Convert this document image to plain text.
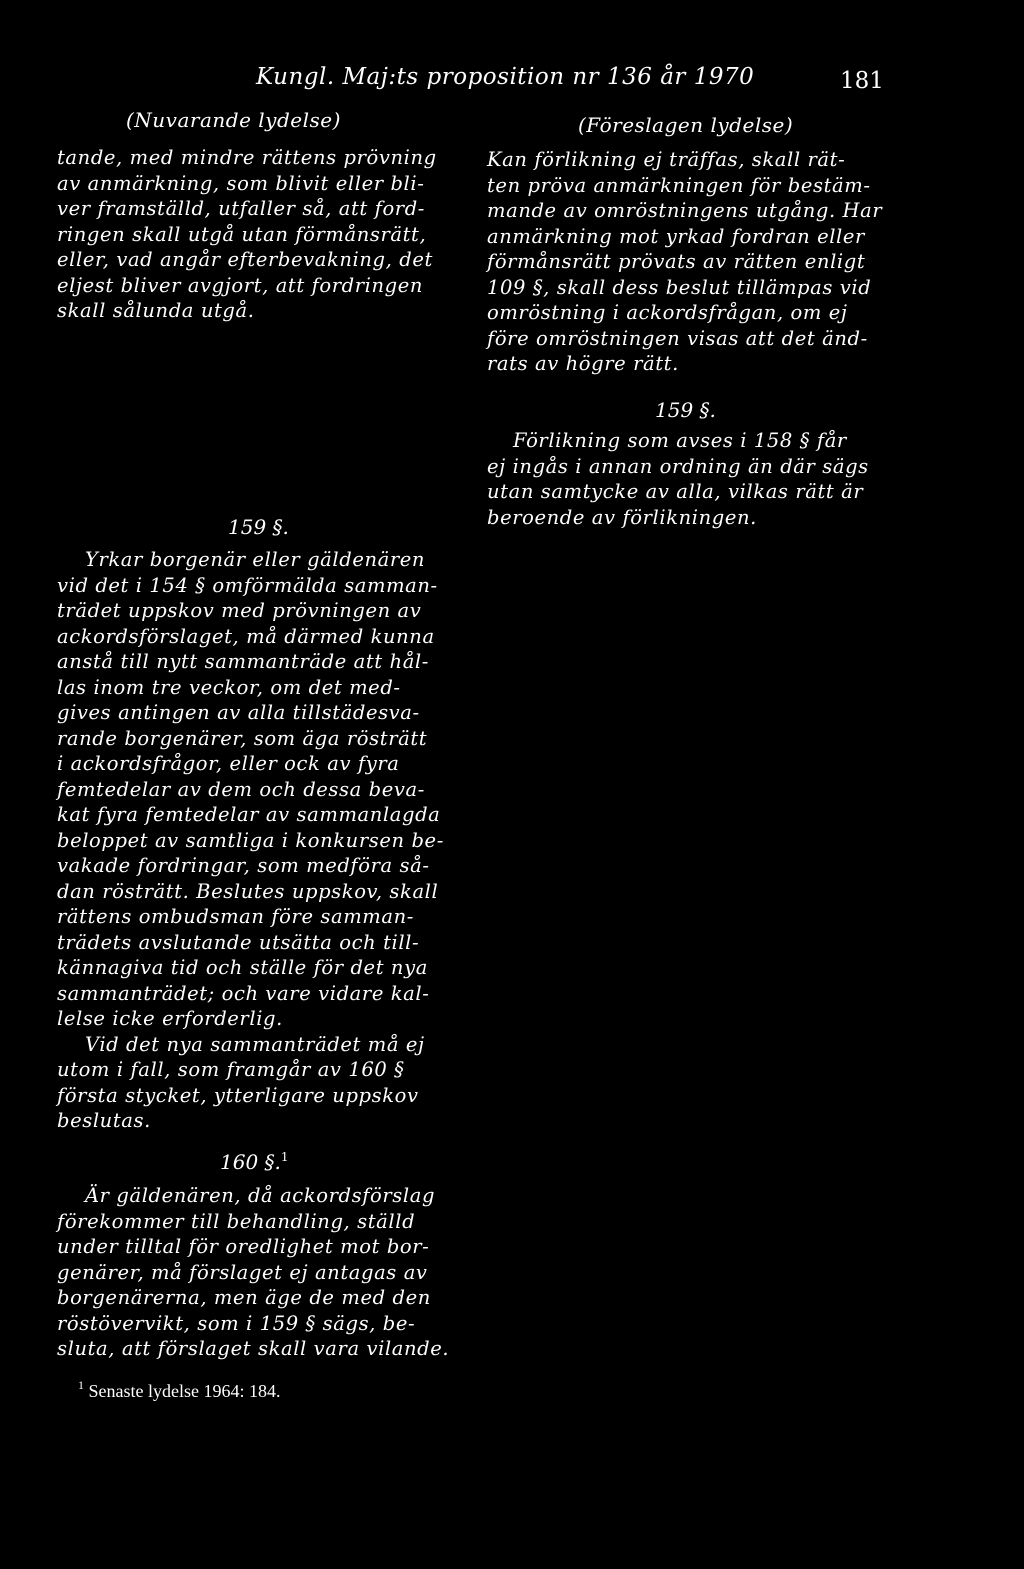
Kungl. Maj:ts proposition nr 136 år 1970	181
(Nuvarande lydelse)

tande, med mindre rättens prövning

av anmärkning, som blivit eller bli-

ver framställd, utfaller så, att ford-

ringen skall utgå utan förmånsrätt,

eller, vad angår efterbevakning, det

eljest bliver avgjort, att fordringen

skall sålunda utgå.

159 §.

Yrkar borgenär eller gäldenären

vid det i 154 § omförmälda samman-

trädet uppskov med prövningen av

ackordsförslaget, må därmed kunna

anstå till nytt sammanträde att hål-

las inom tre veckor, om det med-

gives antingen av alla tillstädesva-

rande borgenärer, som äga rösträtt

i ackordsfrågor, eller ock av fyra

femtedelar av dem och dessa beva-

kat fyra femtedelar av sammanlagda

beloppet av samtliga i konkursen be-

vakade fordringar, som medföra så-

dan rösträtt. Beslutes uppskov, skall

rättens ombudsman före samman-

trädets avslutande utsätta och till-

kännagiva tid och ställe för det nya

sammanträdet; och vare vidare kal-

lelse icke erforderlig.

Vid det nya sammanträdet må ej

utom i fall, som framgår av 160 §

första stycket, ytterligare uppskov

beslutas.

160 §.$^1$

Är gäldenären, då ackordsförslag

förekommer till behandling, ställd

under tilltal för oredlighet mot bor-

genärer, må förslaget ej antagas av

borgenärerna, men äge de med den

röstövervikt, som i 159 § sägs, be-

sluta, att förslaget skall vara vilande.

$^1$ Senaste lydelse 1964: 184.
(Föreslagen lydelse)

Kan förlikning ej träffas, skall rät-

ten pröva anmärkningen för bestäm-

mande av omröstningens utgång. Har

anmärkning mot yrkad fordran eller

förmånsrätt prövats av rätten enligt

109 §, skall dess beslut tillämpas vid

omröstning i ackordsfrågan, om ej

före omröstningen visas att det änd-

rats av högre rätt.

159 §.

Förlikning som avses i 158 § får

ej ingås i annan ordning än där sägs

utan samtycke av alla, vilkas rätt är

beroende av förlikningen.
